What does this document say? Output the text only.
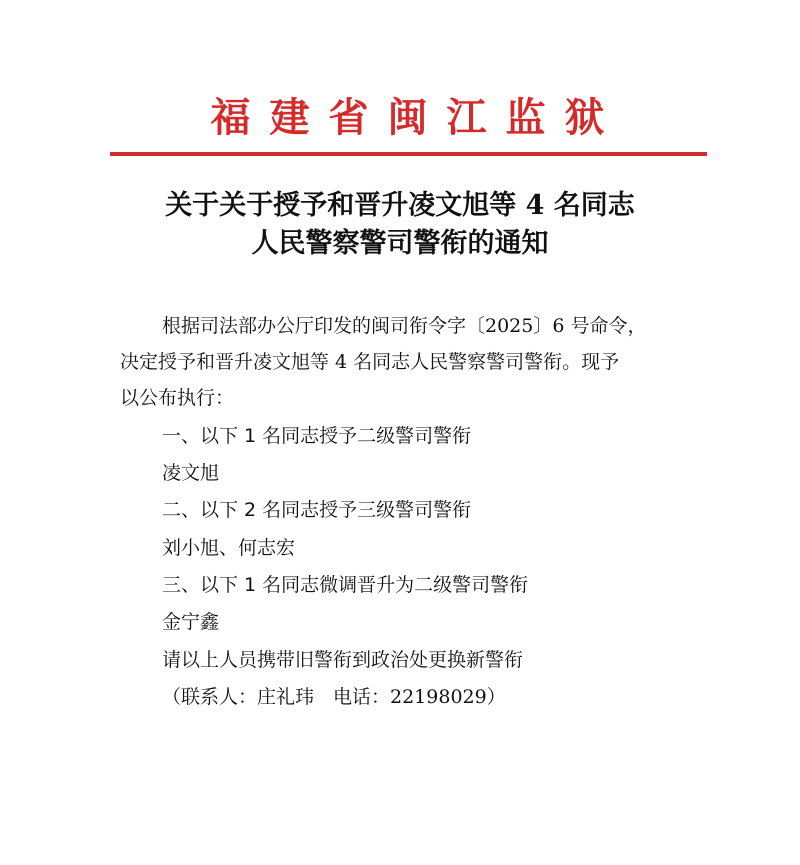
福建省闽江监狱
关于关于授予和晋升凌文旭等 4 名同志
人民警察警司警衔的通知
根据司法部办公厅印发的闽司衔令字〔2025〕6 号命令，
决定授予和晋升凌文旭等 4 名同志人民警察警司警衔。现予
以公布执行：
一、以下 1 名同志授予二级警司警衔
凌文旭
二、以下 2 名同志授予三级警司警衔
刘小旭、何志宏
三、以下 1 名同志微调晋升为二级警司警衔
金宁鑫
请以上人员携带旧警衔到政治处更换新警衔
（联系人：庄礼玮　电话：22198029）
